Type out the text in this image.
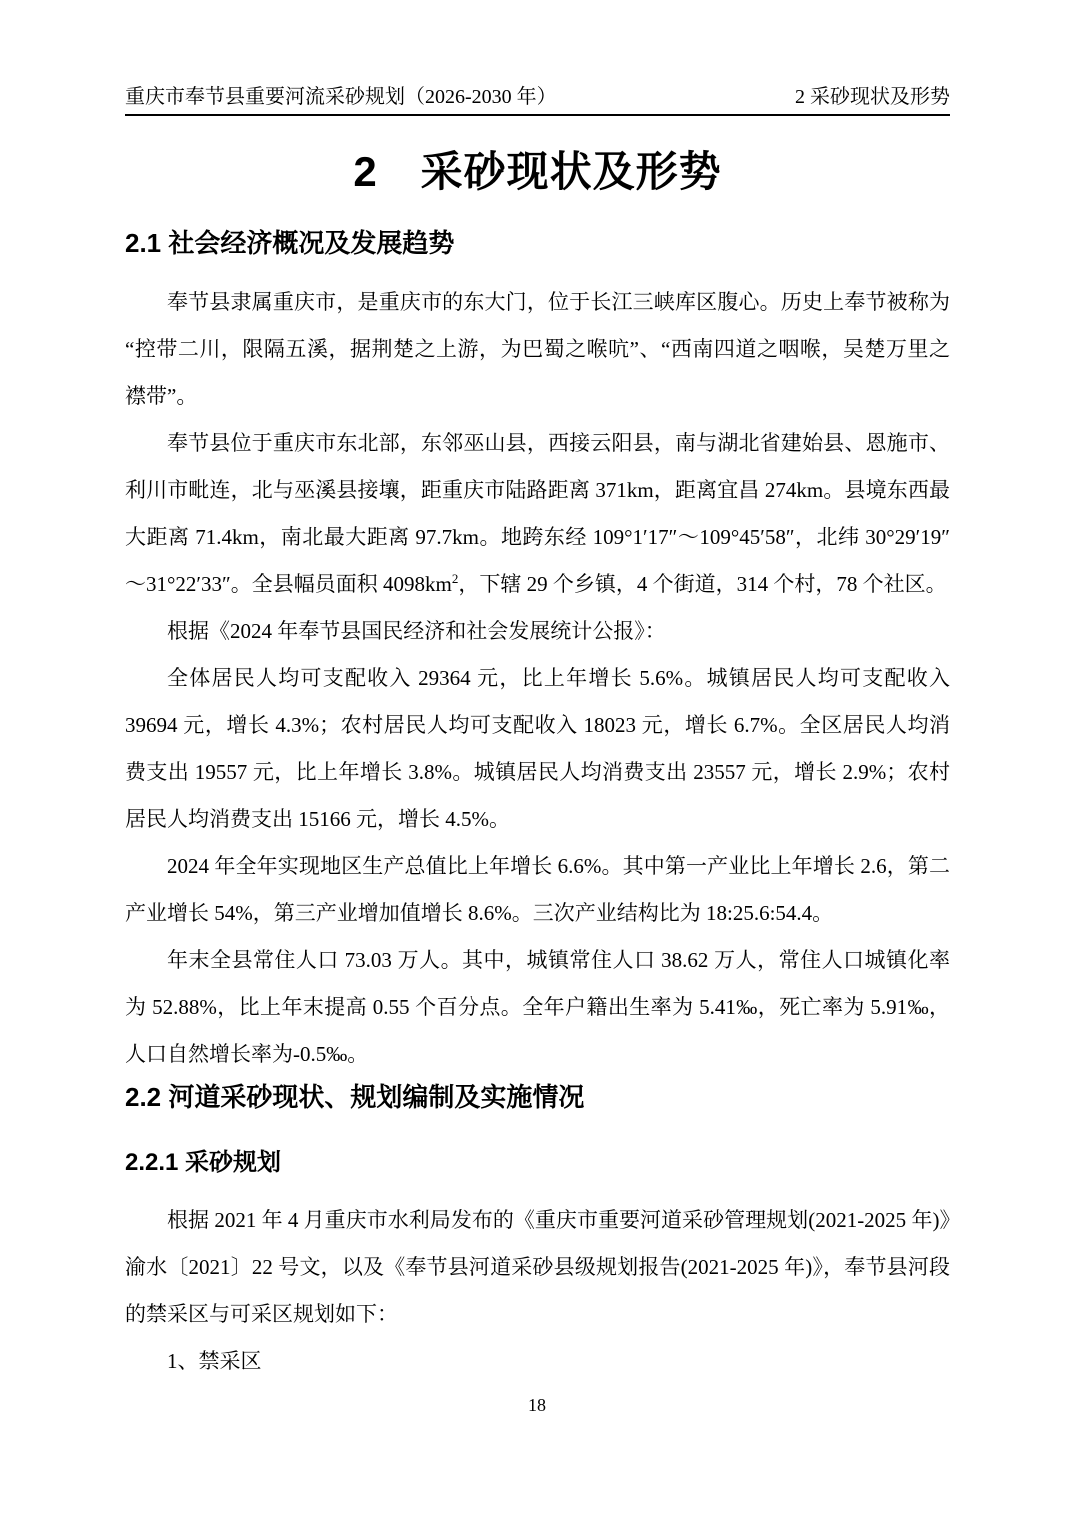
重庆市奉节县重要河流采砂规划（2026-2030 年）	2 采砂现状及形势
2　采砂现状及形势
2.1 社会经济概况及发展趋势

奉节县隶属重庆市，是重庆市的东大门，位于长江三峡库区腹心。历史上奉节被称为“控带二川，限隔五溪，据荆楚之上游，为巴蜀之喉吭”、“西南四道之咽喉，吴楚万里之襟带”。

奉节县位于重庆市东北部，东邻巫山县，西接云阳县，南与湖北省建始县、恩施市、利川市毗连，北与巫溪县接壤，距重庆市陆路距离 371km，距离宜昌 274km。县境东西最大距离 71.4km，南北最大距离 97.7km。地跨东经 109°1′17″～109°45′58″，北纬 30°29′19″～31°22′33″。全县幅员面积 $4098km^2$，下辖 29 个乡镇，4 个街道，314 个村，78 个社区。

根据《2024 年奉节县国民经济和社会发展统计公报》：

全体居民人均可支配收入 29364 元，比上年增长 5.6%。城镇居民人均可支配收入 39694 元，增长 4.3%；农村居民人均可支配收入 18023 元，增长 6.7%。全区居民人均消费支出 19557 元，比上年增长 3.8%。城镇居民人均消费支出 23557 元，增长 2.9%；农村居民人均消费支出 15166 元，增长 4.5%。

2024 年全年实现地区生产总值比上年增长 6.6%。其中第一产业比上年增长 2.6，第二产业增长 54%，第三产业增加值增长 8.6%。三次产业结构比为 18:25.6:54.4。

年末全县常住人口 73.03 万人。其中，城镇常住人口 38.62 万人，常住人口城镇化率为 52.88%，比上年末提高 0.55 个百分点。全年户籍出生率为 5.41‰，死亡率为 5.91‰，人口自然增长率为-0.5‰。

2.2 河道采砂现状、规划编制及实施情况
2.2.1 采砂规划

根据 2021 年 4 月重庆市水利局发布的《重庆市重要河道采砂管理规划(2021-2025 年)》渝水〔2021〕22 号文，以及《奉节县河道采砂县级规划报告(2021-2025 年)》，奉节县河段的禁采区与可采区规划如下：

1、禁采区

18
